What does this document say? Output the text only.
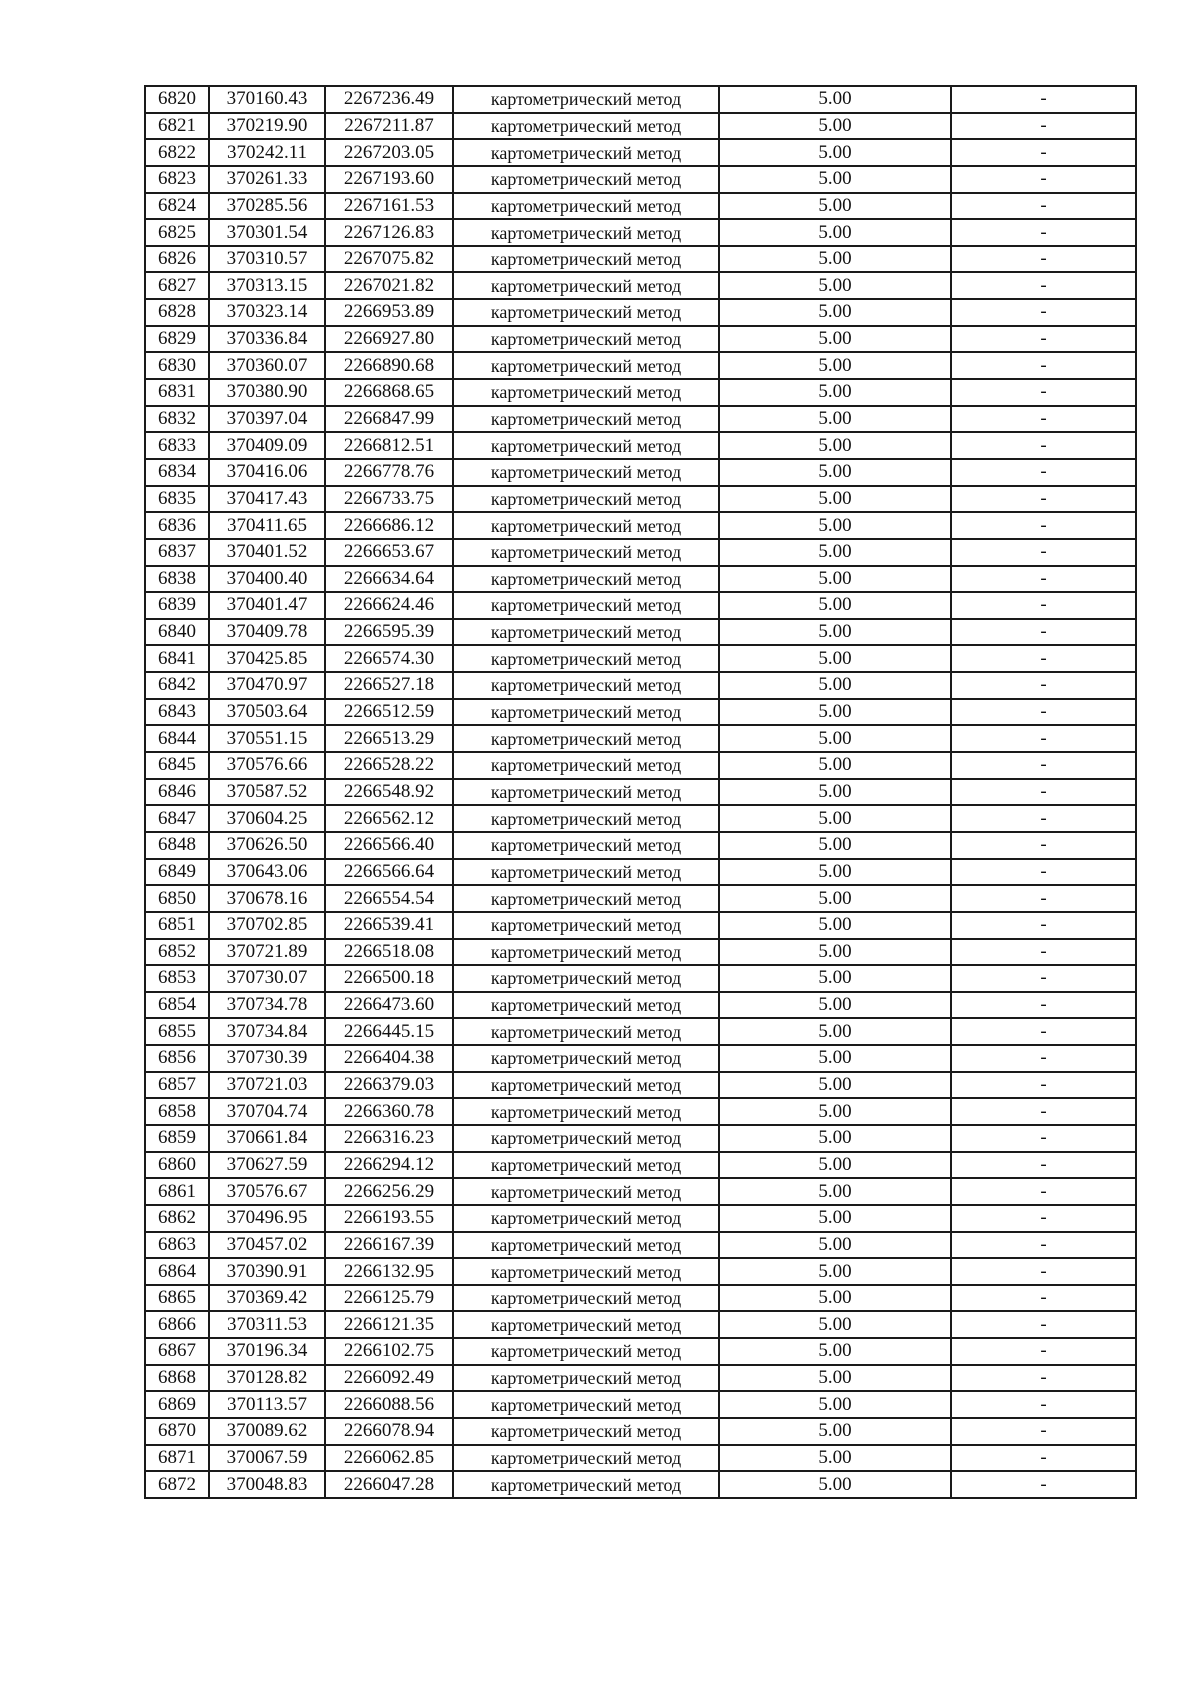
6820	370160.43	2267236.49	картометрический метод	5.00	-
6821	370219.90	2267211.87	картометрический метод	5.00	-
6822	370242.11	2267203.05	картометрический метод	5.00	-
6823	370261.33	2267193.60	картометрический метод	5.00	-
6824	370285.56	2267161.53	картометрический метод	5.00	-
6825	370301.54	2267126.83	картометрический метод	5.00	-
6826	370310.57	2267075.82	картометрический метод	5.00	-
6827	370313.15	2267021.82	картометрический метод	5.00	-
6828	370323.14	2266953.89	картометрический метод	5.00	-
6829	370336.84	2266927.80	картометрический метод	5.00	-
6830	370360.07	2266890.68	картометрический метод	5.00	-
6831	370380.90	2266868.65	картометрический метод	5.00	-
6832	370397.04	2266847.99	картометрический метод	5.00	-
6833	370409.09	2266812.51	картометрический метод	5.00	-
6834	370416.06	2266778.76	картометрический метод	5.00	-
6835	370417.43	2266733.75	картометрический метод	5.00	-
6836	370411.65	2266686.12	картометрический метод	5.00	-
6837	370401.52	2266653.67	картометрический метод	5.00	-
6838	370400.40	2266634.64	картометрический метод	5.00	-
6839	370401.47	2266624.46	картометрический метод	5.00	-
6840	370409.78	2266595.39	картометрический метод	5.00	-
6841	370425.85	2266574.30	картометрический метод	5.00	-
6842	370470.97	2266527.18	картометрический метод	5.00	-
6843	370503.64	2266512.59	картометрический метод	5.00	-
6844	370551.15	2266513.29	картометрический метод	5.00	-
6845	370576.66	2266528.22	картометрический метод	5.00	-
6846	370587.52	2266548.92	картометрический метод	5.00	-
6847	370604.25	2266562.12	картометрический метод	5.00	-
6848	370626.50	2266566.40	картометрический метод	5.00	-
6849	370643.06	2266566.64	картометрический метод	5.00	-
6850	370678.16	2266554.54	картометрический метод	5.00	-
6851	370702.85	2266539.41	картометрический метод	5.00	-
6852	370721.89	2266518.08	картометрический метод	5.00	-
6853	370730.07	2266500.18	картометрический метод	5.00	-
6854	370734.78	2266473.60	картометрический метод	5.00	-
6855	370734.84	2266445.15	картометрический метод	5.00	-
6856	370730.39	2266404.38	картометрический метод	5.00	-
6857	370721.03	2266379.03	картометрический метод	5.00	-
6858	370704.74	2266360.78	картометрический метод	5.00	-
6859	370661.84	2266316.23	картометрический метод	5.00	-
6860	370627.59	2266294.12	картометрический метод	5.00	-
6861	370576.67	2266256.29	картометрический метод	5.00	-
6862	370496.95	2266193.55	картометрический метод	5.00	-
6863	370457.02	2266167.39	картометрический метод	5.00	-
6864	370390.91	2266132.95	картометрический метод	5.00	-
6865	370369.42	2266125.79	картометрический метод	5.00	-
6866	370311.53	2266121.35	картометрический метод	5.00	-
6867	370196.34	2266102.75	картометрический метод	5.00	-
6868	370128.82	2266092.49	картометрический метод	5.00	-
6869	370113.57	2266088.56	картометрический метод	5.00	-
6870	370089.62	2266078.94	картометрический метод	5.00	-
6871	370067.59	2266062.85	картометрический метод	5.00	-
6872	370048.83	2266047.28	картометрический метод	5.00	-
